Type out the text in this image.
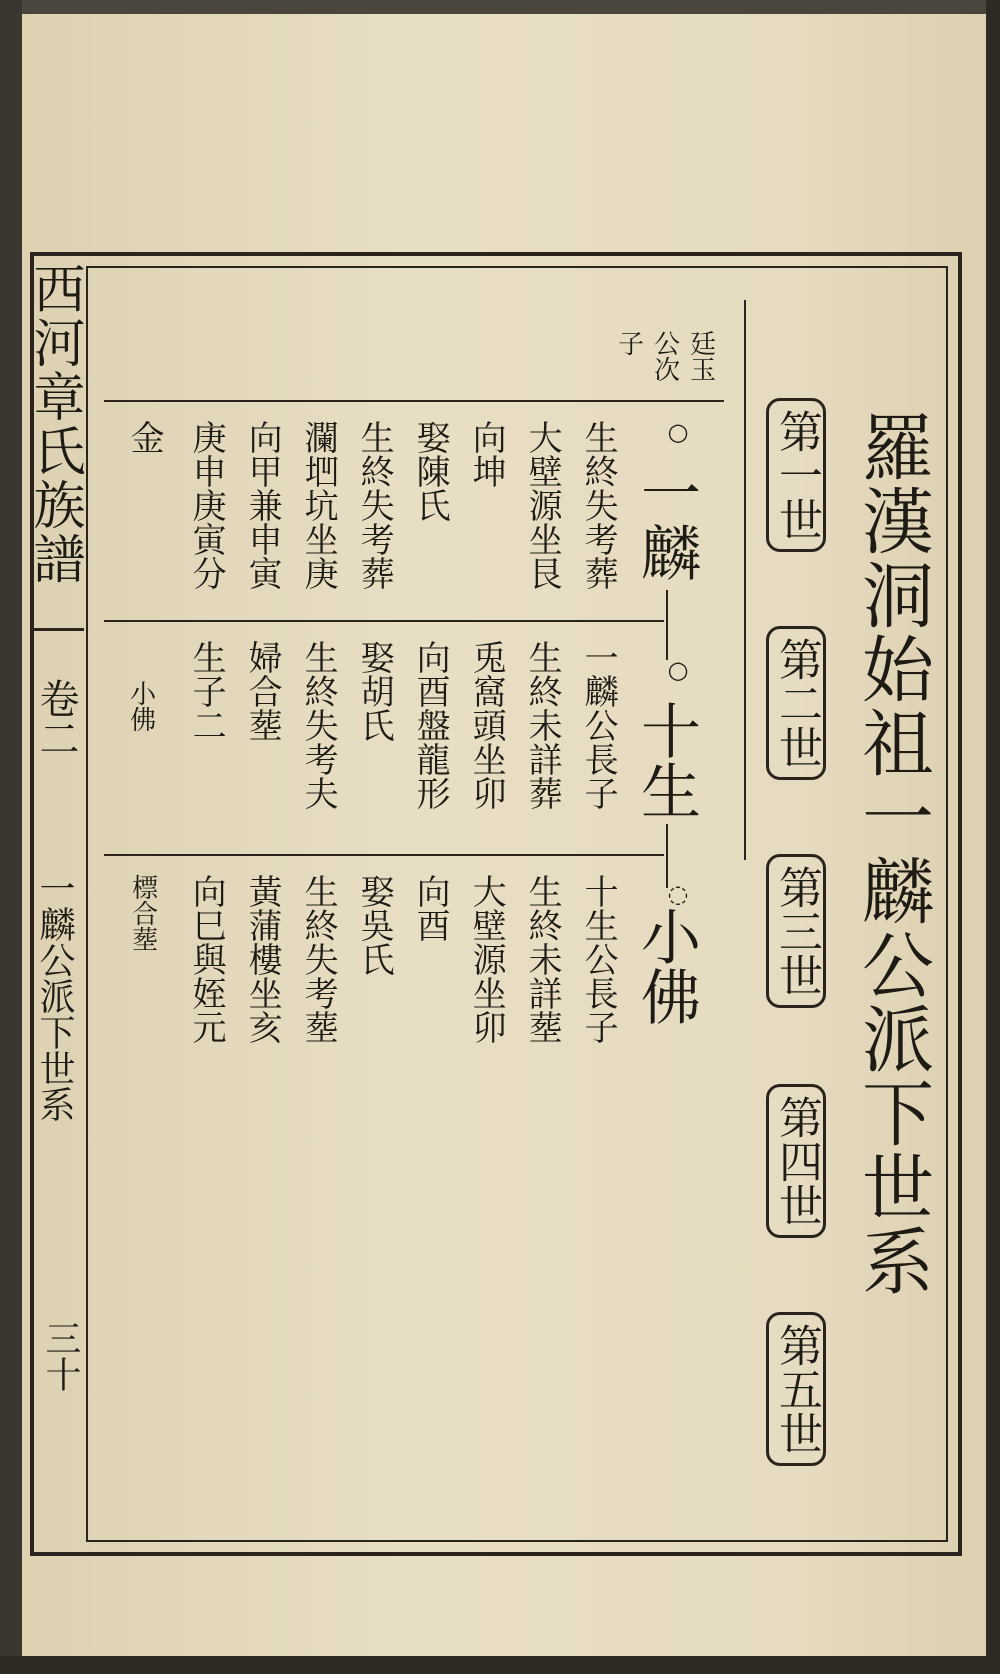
西河章氏族譜
卷二
一麟公派下世系
三十
羅漢洞始祖一麟公派下世系
第一世
第二世
第三世
第四世
第五世
廷玉
公次
子
○
一麟
○
十生
◌
小佛
生終失考葬
大壁源坐艮
向坤
娶陳氏
生終失考葬
瀾垇坑坐庚
向甲兼申寅
庚申庚寅分
金
一麟公長子
生終未詳葬
兎窩頭坐卯
向酉盤龍形
娶胡氏
生終失考夫
婦合塟
生子二
小佛
十生公長子
生終未詳塟
大壁源坐卯
向酉
娶吳氏
生終失考塟
黃蒲樓坐亥
向巳與姪元
標合塟
